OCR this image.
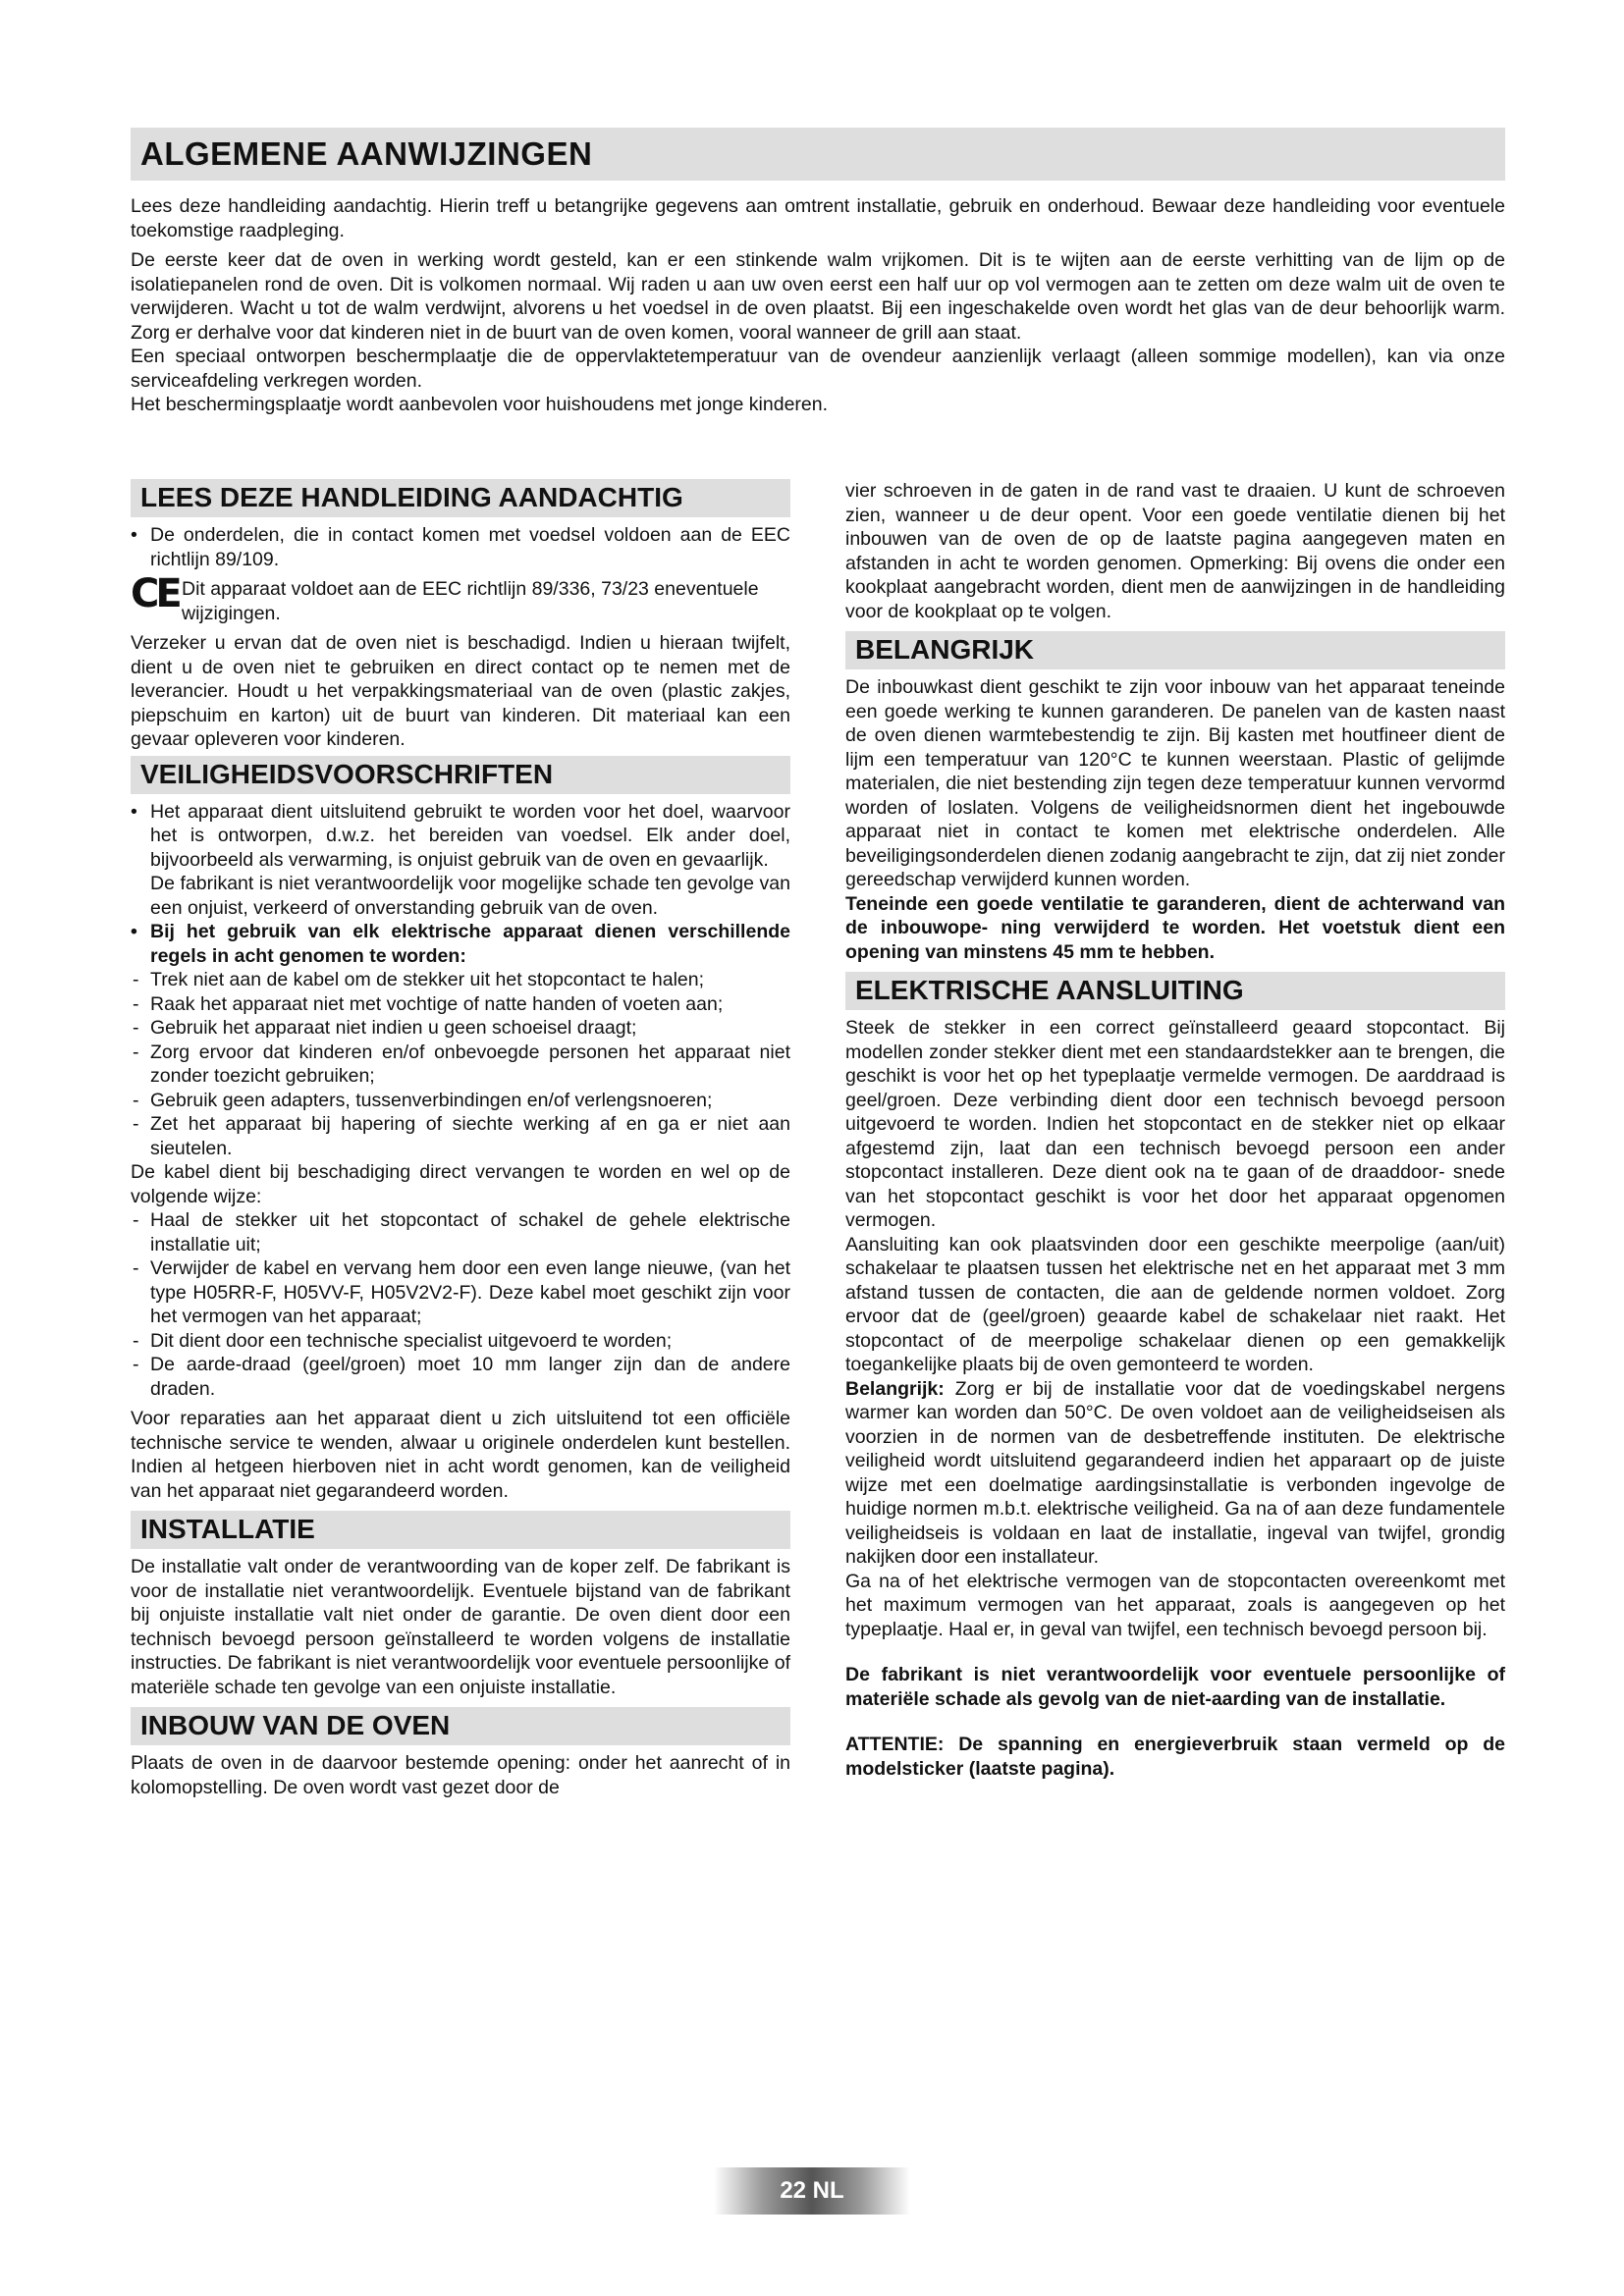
ALGEMENE AANWIJZINGEN

Lees deze handleiding aandachtig. Hierin treff u betangrijke gegevens aan omtrent installatie, gebruik en onderhoud. Bewaar deze handleiding voor eventuele toekomstige raadpleging.

De eerste keer dat de oven in werking wordt gesteld, kan er een stinkende walm vrijkomen. Dit is te wijten aan de eerste verhitting van de lijm op de isolatiepanelen rond de oven. Dit is volkomen normaal. Wij raden u aan uw oven eerst een half uur op vol vermogen aan te zetten om deze walm uit de oven te verwijderen. Wacht u tot de walm verdwijnt, alvorens u het voedsel in de oven plaatst. Bij een ingeschakelde oven wordt het glas van de deur behoorlijk warm. Zorg er derhalve voor dat kinderen niet in de buurt van de oven komen, vooral wanneer de grill aan staat.

Een speciaal ontworpen beschermplaatje die de oppervlaktetemperatuur van de ovendeur aanzienlijk verlaagt (alleen sommige modellen), kan via onze serviceafdeling verkregen worden.

Het beschermingsplaatje wordt aanbevolen voor huishoudens met jonge kinderen.

LEES DEZE HANDLEIDING AANDACHTIG
• De onderdelen, die in contact komen met voedsel voldoen aan de EEC richtlijn 89/109.
CE Dit apparaat voldoet aan de EEC richtlijn 89/336, 73/23 eneventuele wijzigingen.

Verzeker u ervan dat de oven niet is beschadigd. Indien u hieraan twijfelt, dient u de oven niet te gebruiken en direct contact op te nemen met de leverancier. Houdt u het verpakkingsmateriaal van de oven (plastic zakjes, piepschuim en karton) uit de buurt van kinderen. Dit materiaal kan een gevaar opleveren voor kinderen.

VEILIGHEIDSVOORSCHRIFTEN
• Het apparaat dient uitsluitend gebruikt te worden voor het doel, waarvoor het is ontworpen, d.w.z. het bereiden van voedsel. Elk ander doel, bijvoorbeeld als verwarming, is onjuist gebruik van de oven en gevaarlijk.
De fabrikant is niet verantwoordelijk voor mogelijke schade ten gevolge van een onjuist, verkeerd of onverstanding gebruik van de oven.
• Bij het gebruik van elk elektrische apparaat dienen verschillende regels in acht genomen te worden:
- Trek niet aan de kabel om de stekker uit het stopcontact te halen;
- Raak het apparaat niet met vochtige of natte handen of voeten aan;
- Gebruik het apparaat niet indien u geen schoeisel draagt;
- Zorg ervoor dat kinderen en/of onbevoegde personen het apparaat niet zonder toezicht gebruiken;
- Gebruik geen adapters, tussenverbindingen en/of verlengsnoeren;
- Zet het apparaat bij hapering of siechte werking af en ga er niet aan sieutelen.

De kabel dient bij beschadiging direct vervangen te worden en wel op de volgende wijze:

- Haal de stekker uit het stopcontact of schakel de gehele elektrische installatie uit;
- Verwijder de kabel en vervang hem door een even lange nieuwe, (van het type H05RR-F, H05VV-F, H05V2V2-F). Deze kabel moet geschikt zijn voor het vermogen van het apparaat;
- Dit dient door een technische specialist uitgevoerd te worden;
- De aarde-draad (geel/groen) moet 10 mm langer zijn dan de andere draden.

Voor reparaties aan het apparaat dient u zich uitsluitend tot een officiële technische service te wenden, alwaar u originele onderdelen kunt bestellen. Indien al hetgeen hierboven niet in acht wordt genomen, kan de veiligheid van het apparaat niet gegarandeerd worden.

INSTALLATIE

De installatie valt onder de verantwoording van de koper zelf. De fabrikant is voor de installatie niet verantwoordelijk. Eventuele bijstand van de fabrikant bij onjuiste installatie valt niet onder de garantie. De oven dient door een technisch bevoegd persoon geïnstalleerd te worden volgens de installatie instructies. De fabrikant is niet verantwoordelijk voor eventuele persoonlijke of materiële schade ten gevolge van een onjuiste installatie.

INBOUW VAN DE OVEN

Plaats de oven in de daarvoor bestemde opening: onder het aanrecht of in kolomopstelling. De oven wordt vast gezet door de

vier schroeven in de gaten in de rand vast te draaien. U kunt de schroeven zien, wanneer u de deur opent. Voor een goede ventilatie dienen bij het inbouwen van de oven de op de laatste pagina aangegeven maten en afstanden in acht te worden genomen. Opmerking: Bij ovens die onder een kookplaat aangebracht worden, dient men de aanwijzingen in de handleiding voor de kookplaat op te volgen.

BELANGRIJK

De inbouwkast dient geschikt te zijn voor inbouw van het apparaat teneinde een goede werking te kunnen garanderen. De panelen van de kasten naast de oven dienen warmtebestendig te zijn. Bij kasten met houtfineer dient de lijm een temperatuur van 120°C te kunnen weerstaan. Plastic of gelijmde materialen, die niet bestending zijn tegen deze temperatuur kunnen vervormd worden of loslaten. Volgens de veiligheidsnormen dient het ingebouwde apparaat niet in contact te komen met elektrische onderdelen. Alle beveiligingsonderdelen dienen zodanig aangebracht te zijn, dat zij niet zonder gereedschap verwijderd kunnen worden.

Teneinde een goede ventilatie te garanderen, dient de achterwand van de inbouwope- ning verwijderd te worden. Het voetstuk dient een opening van minstens 45 mm te hebben.

ELEKTRISCHE AANSLUITING

Steek de stekker in een correct geïnstalleerd geaard stopcontact. Bij modellen zonder stekker dient met een standaardstekker aan te brengen, die geschikt is voor het op het typeplaatje vermelde vermogen. De aarddraad is geel/groen. Deze verbinding dient door een technisch bevoegd persoon uitgevoerd te worden. Indien het stopcontact en de stekker niet op elkaar afgestemd zijn, laat dan een technisch bevoegd persoon een ander stopcontact installeren. Deze dient ook na te gaan of de draaddoor- snede van het stopcontact geschikt is voor het door het apparaat opgenomen vermogen.

Aansluiting kan ook plaatsvinden door een geschikte meerpolige (aan/uit) schakelaar te plaatsen tussen het elektrische net en het apparaat met 3 mm afstand tussen de contacten, die aan de geldende normen voldoet. Zorg ervoor dat de (geel/groen) geaarde kabel de schakelaar niet raakt. Het stopcontact of de meerpolige schakelaar dienen op een gemakkelijk toegankelijke plaats bij de oven gemonteerd te worden.

Belangrijk: Zorg er bij de installatie voor dat de voedingskabel nergens warmer kan worden dan 50°C. De oven voldoet aan de veiligheidseisen als voorzien in de normen van de desbetreffende instituten. De elektrische veiligheid wordt uitsluitend gegarandeerd indien het apparaart op de juiste wijze met een doelmatige aardingsinstallatie is verbonden ingevolge de huidige normen m.b.t. elektrische veiligheid. Ga na of aan deze fundamentele veiligheidseis is voldaan en laat de installatie, ingeval van twijfel, grondig nakijken door een installateur.

Ga na of het elektrische vermogen van de stopcontacten overeenkomt met het maximum vermogen van het apparaat, zoals is aangegeven op het typeplaatje. Haal er, in geval van twijfel, een technisch bevoegd persoon bij.

De fabrikant is niet verantwoordelijk voor eventuele persoonlijke of materiële schade als gevolg van de niet-aarding van de installatie.

ATTENTIE: De spanning en energieverbruik staan vermeld op de modelsticker (laatste pagina).

22 NL
